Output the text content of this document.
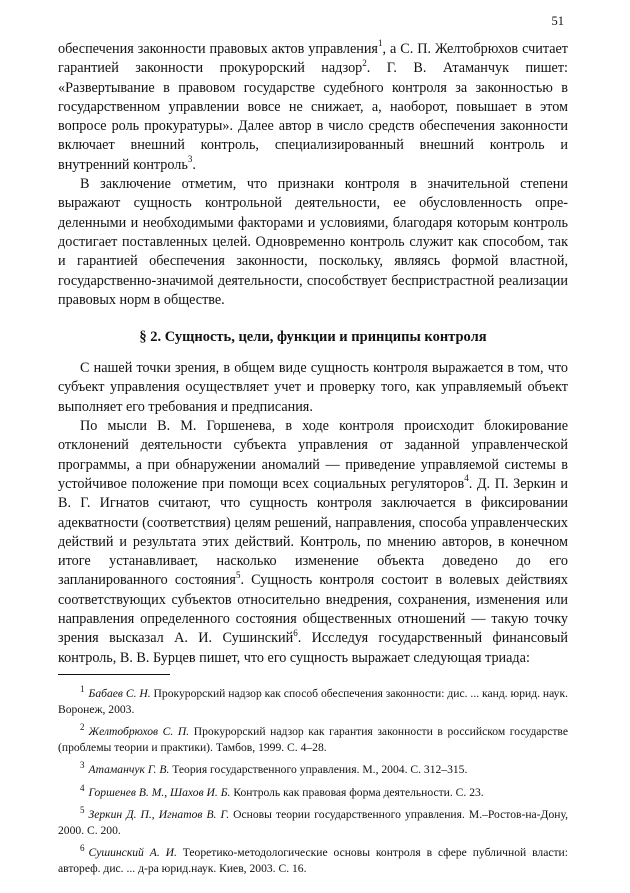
51

обеспечения законности правовых актов управления$^1$, а С. П. Желтобрюхов считает гарантией законности прокурорский надзор$^2$. Г. В. Атаманчук пишет: «Развертывание в правовом государстве судебного контроля за законностью в государственном управлении вовсе не снижает, а, наоборот, повышает в этом вопросе роль прокуратуры». Далее автор в число средств обеспечения законности включает внешний контроль, специализированный внешний контроль и внутренний контроль$^3$.

В заключение отметим, что признаки контроля в значительной степени выражают сущность контрольной деятельности, ее обусловленность определенными и необходимыми факторами и условиями, благодаря которым контроль достигает поставленных целей. Одновременно контроль служит как способом, так и гарантией обеспечения законности, поскольку, являясь формой властной, государственно-значимой деятельности, способствует беспристрастной реализации правовых норм в обществе.

§ 2. Сущность, цели, функции и принципы контроля

С нашей точки зрения, в общем виде сущность контроля выражается в том, что субъект управления осуществляет учет и проверку того, как управляемый объект выполняет его требования и предписания.

По мысли В. М. Горшенева, в ходе контроля происходит блокирование отклонений деятельности субъекта управления от заданной управленческой программы, а при обнаружении аномалий — приведение управляемой системы в устойчивое положение при помощи всех социальных регуляторов$^4$. Д. П. Зеркин и В. Г. Игнатов считают, что сущность контроля заключается в фиксировании адекватности (соответствия) целям решений, направления, способа управленческих действий и результата этих действий. Контроль, по мнению авторов, в конечном итоге устанавливает, насколько изменение объекта доведено до его запланированного состояния$^5$. Сущность контроля состоит в волевых действиях соответствующих субъектов относительно внедрения, сохранения, изменения или направления определенного состояния общественных отношений — такую точку зрения высказал А. И. Сушинский$^6$. Исследуя государственный финансовый контроль, В. В. Бурцев пишет, что его сущность выражает следующая триада:

$^1$ Бабаев С. Н. Прокурорский надзор как способ обеспечения законности: дис. ... канд. юрид. наук. Воронеж, 2003.

$^2$ Желтобрюхов С. П. Прокурорский надзор как гарантия законности в российском государстве (проблемы теории и практики). Тамбов, 1999. С. 4–28.

$^3$ Атаманчук Г. В. Теория государственного управления. М., 2004. С. 312–315.

$^4$ Горшенев В. М., Шахов И. Б. Контроль как правовая форма деятельности. С. 23.

$^5$ Зеркин Д. П., Игнатов В. Г. Основы теории государственного управления. М.–Ростов-на-Дону, 2000. С. 200.

$^6$ Сушинский А. И. Теоретико-методологические основы контроля в сфере публичной власти: автореф. дис. ... д-ра юрид.наук. Киев, 2003. С. 16.
